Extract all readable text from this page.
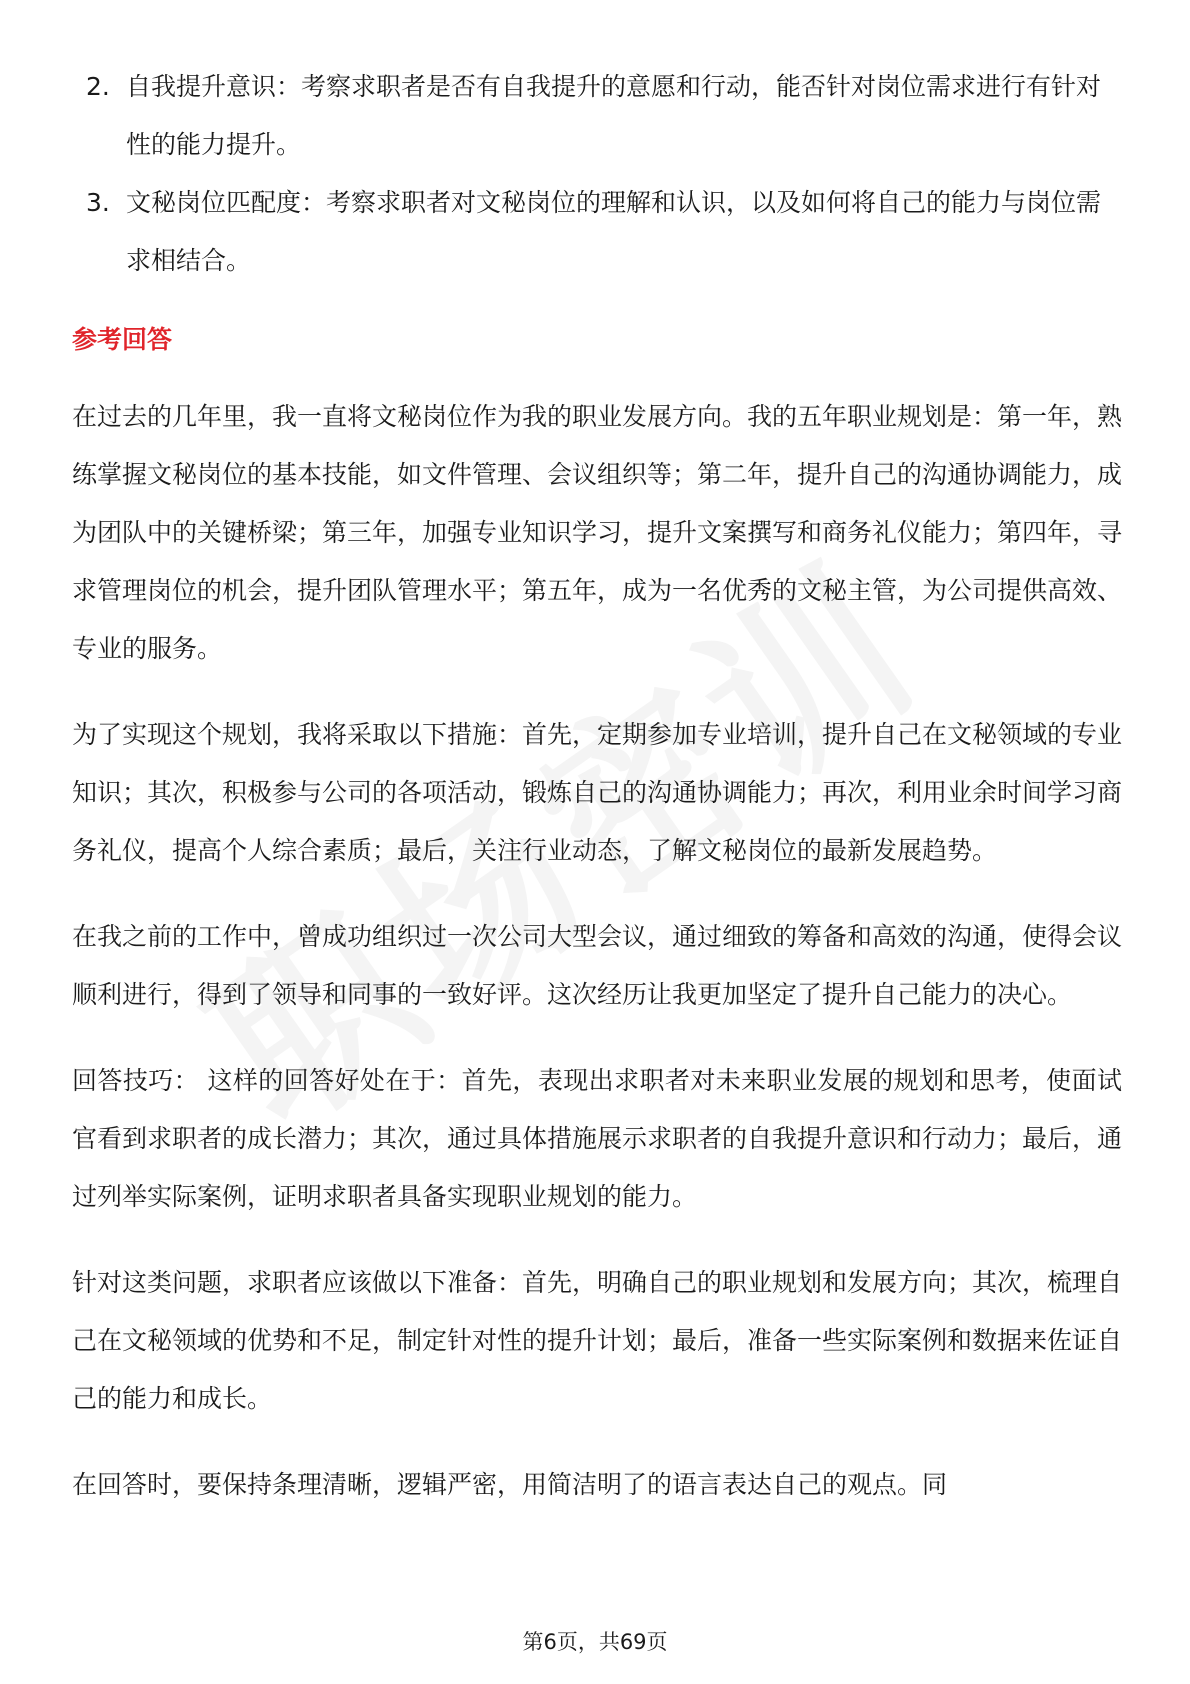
2. 自我提升意识：考察求职者是否有自我提升的意愿和行动，能否针对岗位需求进行有针对性的能力提升。
3. 文秘岗位匹配度：考察求职者对文秘岗位的理解和认识，以及如何将自己的能力与岗位需求相结合。
参考回答

在过去的几年里，我一直将文秘岗位作为我的职业发展方向。我的五年职业规划是：第一年，熟练掌握文秘岗位的基本技能，如文件管理、会议组织等；第二年，提升自己的沟通协调能力，成为团队中的关键桥梁；第三年，加强专业知识学习，提升文案撰写和商务礼仪能力；第四年，寻求管理岗位的机会，提升团队管理水平；第五年，成为一名优秀的文秘主管，为公司提供高效、专业的服务。

为了实现这个规划，我将采取以下措施：首先，定期参加专业培训，提升自己在文秘领域的专业知识；其次，积极参与公司的各项活动，锻炼自己的沟通协调能力；再次，利用业余时间学习商务礼仪，提高个人综合素质；最后，关注行业动态，了解文秘岗位的最新发展趋势。

在我之前的工作中，曾成功组织过一次公司大型会议，通过细致的筹备和高效的沟通，使得会议顺利进行，得到了领导和同事的一致好评。这次经历让我更加坚定了提升自己能力的决心。

回答技巧： 这样的回答好处在于：首先，表现出求职者对未来职业发展的规划和思考，使面试官看到求职者的成长潜力；其次，通过具体措施展示求职者的自我提升意识和行动力；最后，通过列举实际案例，证明求职者具备实现职业规划的能力。

针对这类问题，求职者应该做以下准备：首先，明确自己的职业规划和发展方向；其次，梳理自己在文秘领域的优势和不足，制定针对性的提升计划；最后，准备一些实际案例和数据来佐证自己的能力和成长。

在回答时，要保持条理清晰，逻辑严密，用简洁明了的语言表达自己的观点。同

第6页，共69页
